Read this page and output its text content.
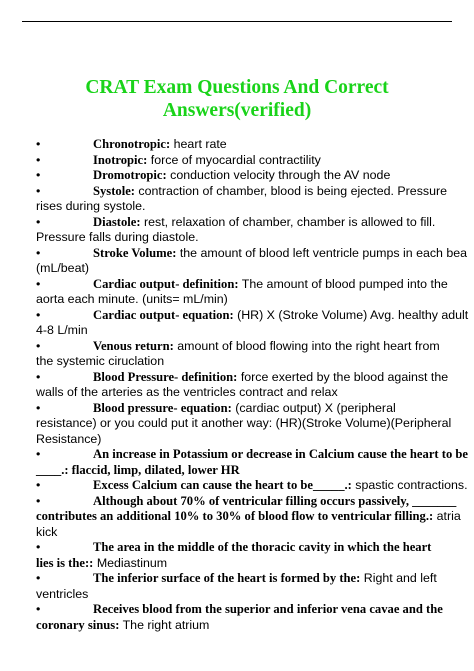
CRAT Exam Questions And Correct
Answers(verified)
•	Chronotropic: heart rate
•	Inotropic: force of myocardial contractility
•	Dromotropic: conduction velocity through the AV node
•	Systole: contraction of chamber, blood is being ejected. Pressure
rises during systole.
•	Diastole: rest, relaxation of chamber, chamber is allowed to fill.
Pressure falls during diastole.
•	Stroke Volume: the amount of blood left ventricle pumps in each bea
(mL/beat)
•	Cardiac output- definition: The amount of blood pumped into the
aorta each minute. (units= mL/min)
•	Cardiac output- equation: (HR) X (Stroke Volume) Avg. healthy adult
4-8 L/min
•	Venous return: amount of blood flowing into the right heart from
the systemic ciruclation
•	Blood Pressure- definition: force exerted by the blood against the
walls of the arteries as the ventricles contract and relax
•	Blood pressure- equation: (cardiac output) X (peripheral
resistance) or you could put it another way: (HR)(Stroke Volume)(Peripheral
Resistance)
•	An increase in Potassium or decrease in Calcium cause the heart to be
____.: flaccid, limp, dilated, lower HR
•	Excess Calcium can cause the heart to be_____.: spastic contractions.
•	Although about 70% of ventricular filling occurs passively, _______
contributes an additional 10% to 30% of blood flow to ventricular filling.: atria
kick
•	The area in the middle of the thoracic cavity in which the heart
lies is the:: Mediastinum
•	The inferior surface of the heart is formed by the: Right and left
ventricles
•	Receives blood from the superior and inferior vena cavae and the
coronary sinus: The right atrium
